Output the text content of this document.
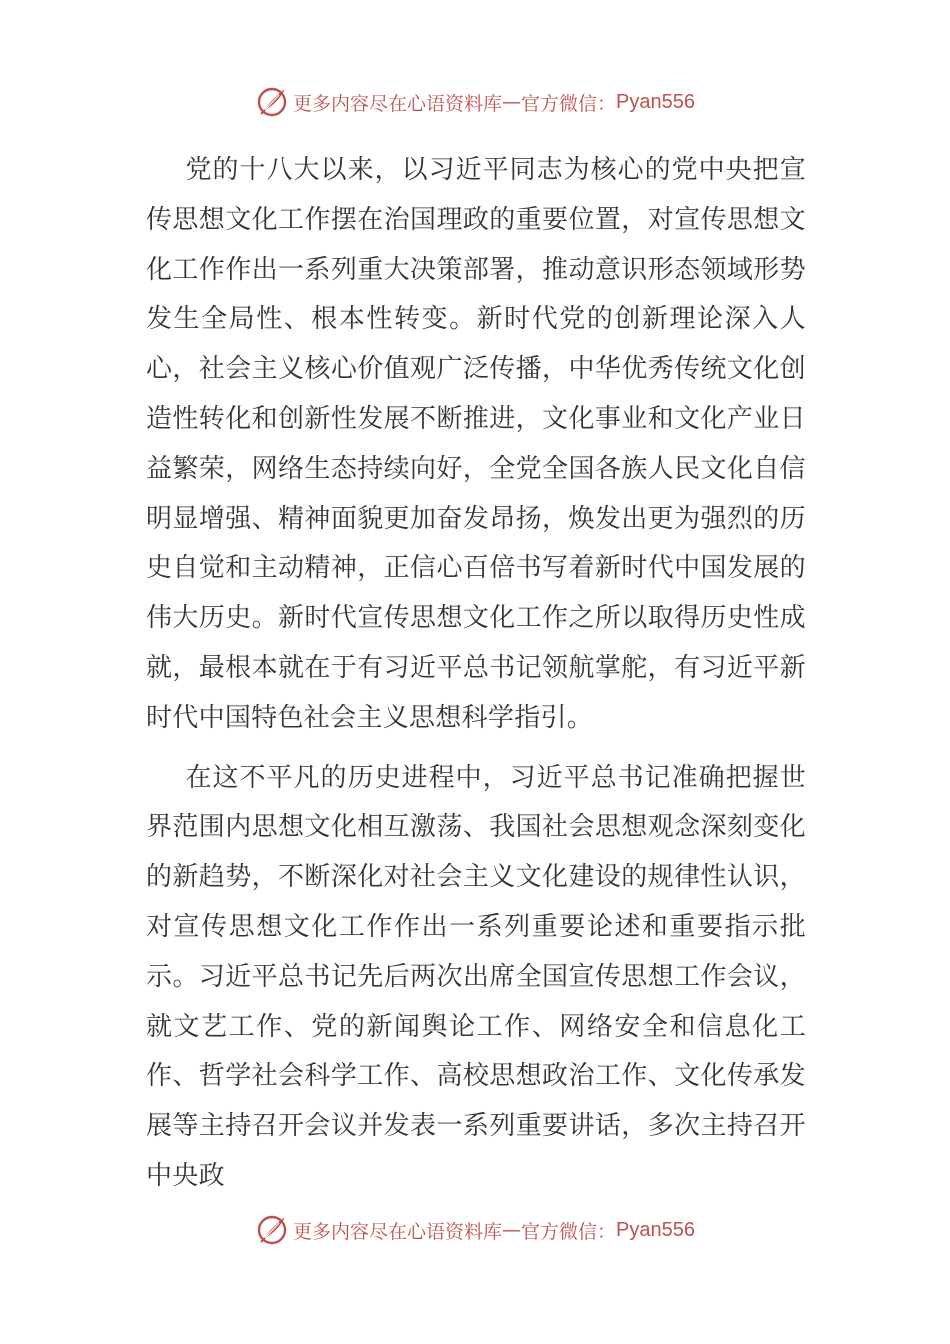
更多内容尽在心语资料库 — 官方微信： Pyan556

党的十八大以来，以习近平同志为核心的党中央把宣传思想文化工作摆在治国理政的重要位置，对宣传思想文化工作作出一系列重大决策部署，推动意识形态领域形势发生全局性、根本性转变。新时代党的创新理论深入人心，社会主义核心价值观广泛传播，中华优秀传统文化创造性转化和创新性发展不断推进，文化事业和文化产业日益繁荣，网络生态持续向好，全党全国各族人民文化自信明显增强、精神面貌更加奋发昂扬，焕发出更为强烈的历史自觉和主动精神，正信心百倍书写着新时代中国发展的伟大历史。新时代宣传思想文化工作之所以取得历史性成就，最根本就在于有习近平总书记领航掌舵，有习近平新时代中国特色社会主义思想科学指引。

在这不平凡的历史进程中，习近平总书记准确把握世界范围内思想文化相互激荡、我国社会思想观念深刻变化的新趋势，不断深化对社会主义文化建设的规律性认识，对宣传思想文化工作作出一系列重要论述和重要指示批示。习近平总书记先后两次出席全国宣传思想工作会议，就文艺工作、党的新闻舆论工作、网络安全和信息化工作、哲学社会科学工作、高校思想政治工作、文化传承发展等主持召开会议并发表一系列重要讲话，多次主持召开中央政

更多内容尽在心语资料库 — 官方微信： Pyan556
